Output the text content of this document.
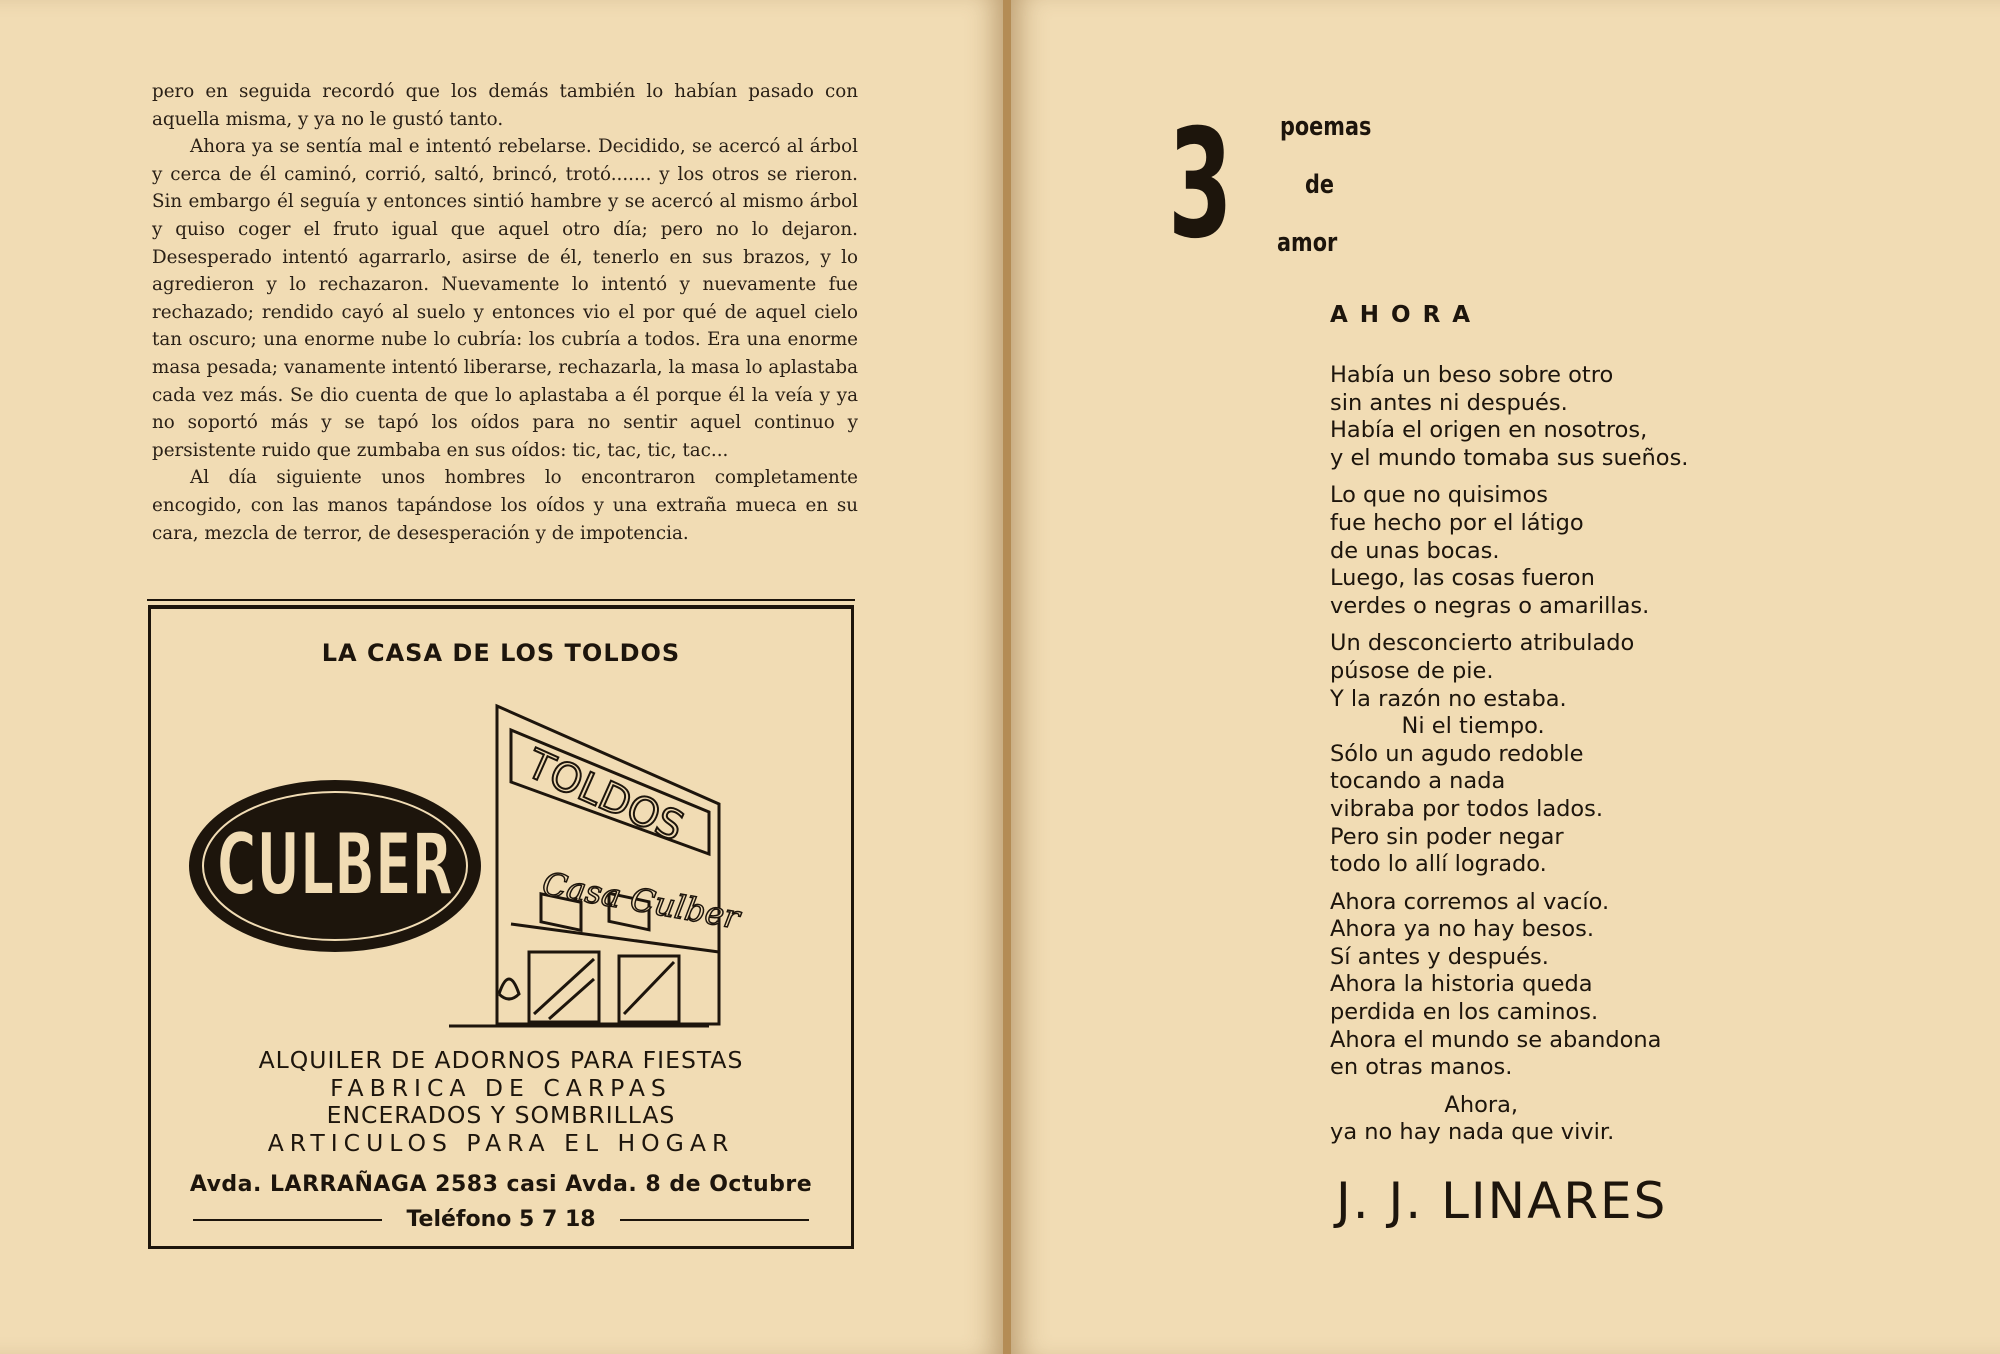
pero en seguida recordó que los demás también lo habían pasado con aquella misma, y ya no le gustó tanto.

Ahora ya se sentía mal e intentó rebelarse. Decidido, se acercó al árbol y cerca de él caminó, corrió, saltó, brincó, trotó....... y los otros se rieron. Sin embargo él seguía y entonces sintió hambre y se acercó al mismo árbol y quiso coger el fruto igual que aquel otro día; pero no lo dejaron. Desesperado intentó agarrarlo, asirse de él, tenerlo en sus brazos, y lo agredieron y lo rechazaron. Nuevamente lo intentó y nuevamente fue rechazado; rendido cayó al suelo y entonces vio el por qué de aquel cielo tan oscuro; una enorme nube lo cubría: los cubría a todos. Era una enorme masa pesada; vanamente intentó liberarse, rechazarla, la masa lo aplastaba cada vez más. Se dio cuenta de que lo aplastaba a él porque él la veía y ya no soportó más y se tapó los oídos para no sentir aquel continuo y persistente ruido que zumbaba en sus oídos: tic, tac, tic, tac...

Al día siguiente unos hombres lo encontraron completamente encogido, con las manos tapándose los oídos y una extraña mueca en su cara, mezcla de terror, de desesperación y de impotencia.

LA CASA DE LOS TOLDOS
TOLDOS
Casa Culber
CULBER
ALQUILER DE ADORNOS PARA FIESTAS
FABRICA DE CARPAS
ENCERADOS Y SOMBRILLAS
ARTICULOS PARA EL HOGAR
Avda. LARRAÑAGA 2583 casi Avda. 8 de Octubre
Teléfono 5 7 18
3 poemas
de
amor
AHORA
Había un beso sobre otro
sin antes ni después.
Había el origen en nosotros,
y el mundo tomaba sus sueños.
Lo que no quisimos
fue hecho por el látigo
de unas bocas.
Luego, las cosas fueron
verdes o negras o amarillas.
Un desconcierto atribulado
púsose de pie.
Y la razón no estaba.
Ni el tiempo.
Sólo un agudo redoble
tocando a nada
vibraba por todos lados.
Pero sin poder negar
todo lo allí logrado.
Ahora corremos al vacío.
Ahora ya no hay besos.
Sí antes y después.
Ahora la historia queda
perdida en los caminos.
Ahora el mundo se abandona
en otras manos.
Ahora,
ya no hay nada que vivir.
J. J. LINARES
